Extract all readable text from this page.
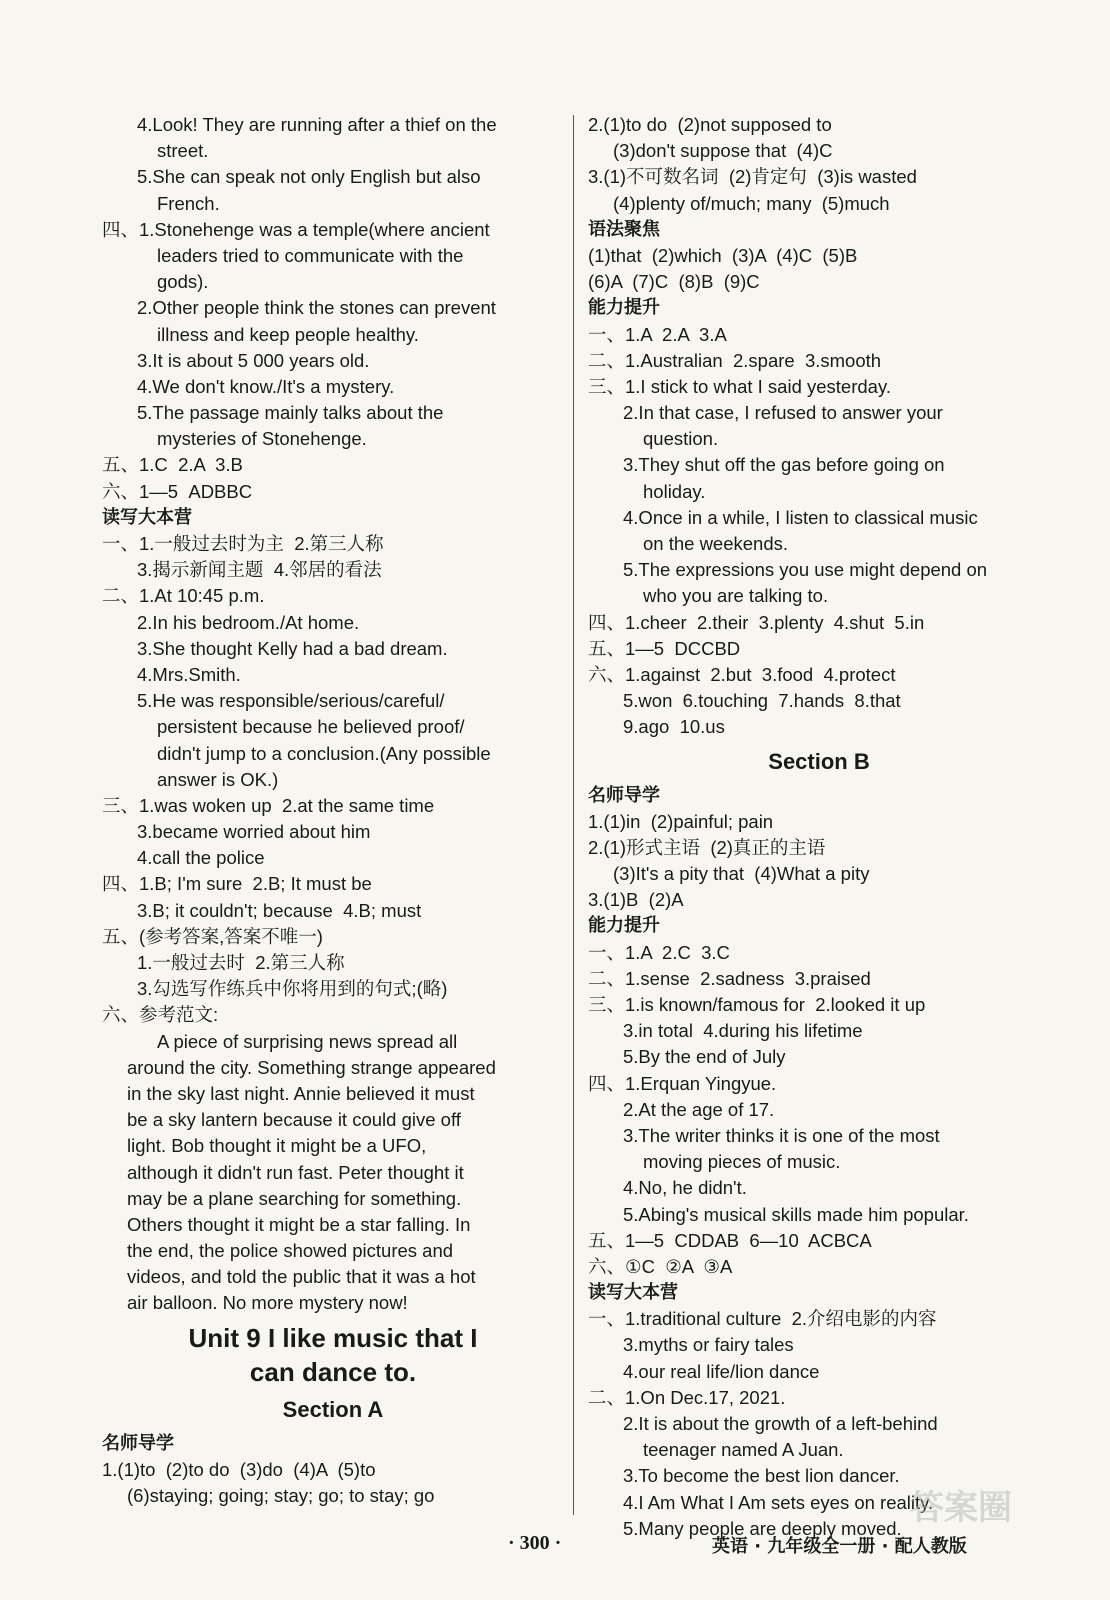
4.Look! They are running after a thief on the
street.
5.She can speak not only English but also
French.
四、1.Stonehenge was a temple(where ancient
leaders tried to communicate with the
gods).
2.Other people think the stones can prevent
illness and keep people healthy.
3.It is about 5 000 years old.
4.We don't know./It's a mystery.
5.The passage mainly talks about the
mysteries of Stonehenge.
五、1.C  2.A  3.B
六、1—5  ADBBC
读写大本营
一、1.一般过去时为主  2.第三人称
3.揭示新闻主题  4.邻居的看法
二、1.At 10:45 p.m.
2.In his bedroom./At home.
3.She thought Kelly had a bad dream.
4.Mrs.Smith.
5.He was responsible/serious/careful/
persistent because he believed proof/
didn't jump to a conclusion.(Any possible
answer is OK.)
三、1.was woken up  2.at the same time
3.became worried about him
4.call the police
四、1.B; I'm sure  2.B; It must be
3.B; it couldn't; because  4.B; must
五、(参考答案,答案不唯一)
1.一般过去时  2.第三人称
3.勾选写作练兵中你将用到的句式;(略)
六、参考范文:
A piece of surprising news spread all
around the city. Something strange appeared
in the sky last night. Annie believed it must
be a sky lantern because it could give off
light. Bob thought it might be a UFO,
although it didn't run fast. Peter thought it
may be a plane searching for something.
Others thought it might be a star falling. In
the end, the police showed pictures and
videos, and told the public that it was a hot
air balloon. No more mystery now!
Unit 9 I like music that I
can dance to.
Section A
名师导学
1.(1)to  (2)to do  (3)do  (4)A  (5)to
(6)staying; going; stay; go; to stay; go
2.(1)to do  (2)not supposed to
(3)don't suppose that  (4)C
3.(1)不可数名词  (2)肯定句  (3)is wasted
(4)plenty of/much; many  (5)much
语法聚焦
(1)that  (2)which  (3)A  (4)C  (5)B
(6)A  (7)C  (8)B  (9)C
能力提升
一、1.A  2.A  3.A
二、1.Australian  2.spare  3.smooth
三、1.I stick to what I said yesterday.
2.In that case, I refused to answer your
question.
3.They shut off the gas before going on
holiday.
4.Once in a while, I listen to classical music
on the weekends.
5.The expressions you use might depend on
who you are talking to.
四、1.cheer  2.their  3.plenty  4.shut  5.in
五、1—5  DCCBD
六、1.against  2.but  3.food  4.protect
5.won  6.touching  7.hands  8.that
9.ago  10.us
Section B
名师导学
1.(1)in  (2)painful; pain
2.(1)形式主语  (2)真正的主语
(3)It's a pity that  (4)What a pity
3.(1)B  (2)A
能力提升
一、1.A  2.C  3.C
二、1.sense  2.sadness  3.praised
三、1.is known/famous for  2.looked it up
3.in total  4.during his lifetime
5.By the end of July
四、1.Erquan Yingyue.
2.At the age of 17.
3.The writer thinks it is one of the most
moving pieces of music.
4.No, he didn't.
5.Abing's musical skills made him popular.
五、1—5  CDDAB  6—10  ACBCA
六、①C  ②A  ③A
读写大本营
一、1.traditional culture  2.介绍电影的内容
3.myths or fairy tales
4.our real life/lion dance
二、1.On Dec.17, 2021.
2.It is about the growth of a left-behind
teenager named A Juan.
3.To become the best lion dancer.
4.I Am What I Am sets eyes on reality.
5.Many people are deeply moved.
· 300 ·	英语 · 九年级全一册 · 配人教版
答案圈
